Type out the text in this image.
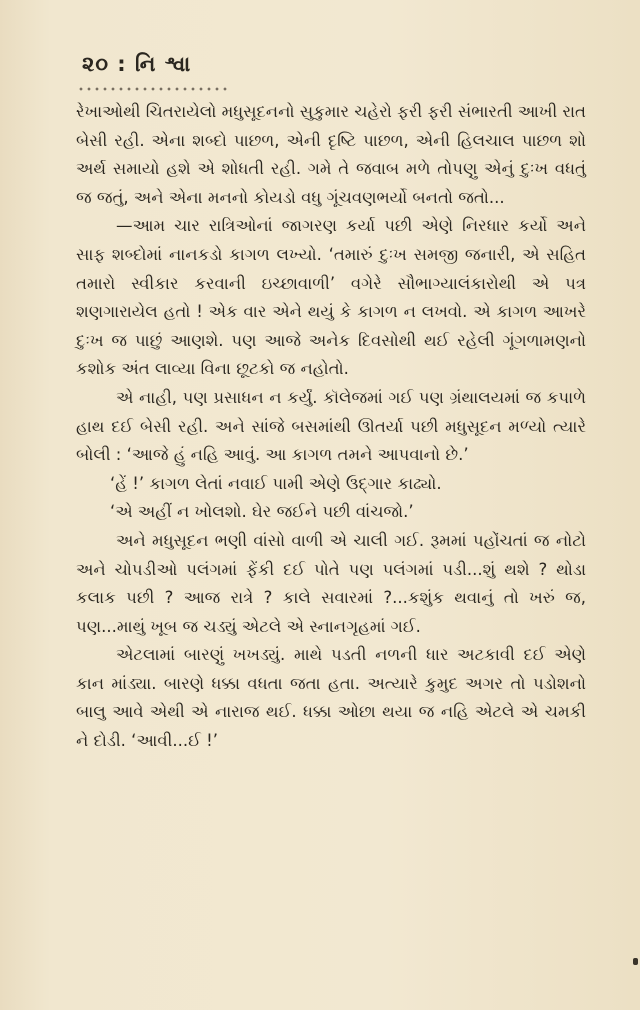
૨૦ : નિ શ્વા

રેખાઓથી ચિતરાયેલો મધુસૂદનનો સુકુમાર ચહેરો ફરી ફરી સંભારતી આખી રાત બેસી રહી. એના શબ્દો પાછળ, એની દૃષ્ટિ પાછળ, એની હિલચાલ પાછળ શો અર્થ સમાયો હશે એ શોધતી રહી. ગમે તે જવાબ મળે તોપણુ એનું દુઃખ વધતું જ જતું, અને એના મનનો કોયડો વધુ ગૂંચવણભર્યો બનતો જતો...

—આમ ચાર રાત્રિઓનાં જાગરણ કર્યા પછી એણે નિરધાર કર્યો અને સાફ શબ્દોમાં નાનકડો કાગળ લખ્યો. ‘તમારું દુઃખ સમજી જનારી, એ સહિત તમારો સ્વીકાર કરવાની ઇચ્છાવાળી’ વગેરે સૌભાગ્યાલંકારોથી એ પત્ર શણગારાયેલ હતો ! એક વાર એને થયું કે કાગળ ન લખવો. એ કાગળ આખરે દુઃખ જ પાછું આણશે. પણ આજે અનેક દિવસોથી થઈ રહેલી ગૂંગળામણનો કશોક અંત લાવ્યા વિના છૂટકો જ નહોતો.

એ નાહી, પણ પ્રસાધન ન કર્યું. કૉલેજમાં ગઈ પણ ગ્રંથાલયમાં જ કપાળે હાથ દઈ બેસી રહી. અને સાંજે બસમાંથી ઊતર્યા પછી મધુસૂદન મળ્યો ત્યારે બોલી : ‘આજે હું નહિ આવું. આ કાગળ તમને આપવાનો છે.’

‘હેં !’ કાગળ લેતાં નવાઈ પામી એણે ઉદ્‌ગાર કાઢ્યો.

‘એ અહીં ન ખોલશો. ઘેર જઈને પછી વાંચજો.’

અને મધુસૂદન ભણી વાંસો વાળી એ ચાલી ગઈ. રૂમમાં પહોંચતાં જ નોટો અને ચોપડીઓ પલંગમાં ફેંકી દઈ પોતે પણ પલંગમાં પડી...શું થશે ? થોડા કલાક પછી ? આજ રાત્રે ? કાલે સવારમાં ?...કશુંક થવાનું તો ખરું જ, પણ...માથું ખૂબ જ ચડ્યું એટલે એ સ્નાનગૃહમાં ગઈ.

એટલામાં બારણું ખખડ્યું. માથે પડતી નળની ધાર અટકાવી દઈ એણે કાન માંડ્યા. બારણે ધક્કા વધતા જતા હતા. અત્યારે કુમુદ અગર તો પડોશનો બાલુ આવે એથી એ નારાજ થઈ. ધક્કા ઓછા થયા જ નહિ એટલે એ ચમકી ને દોડી. ‘આવી...ઈ !’
